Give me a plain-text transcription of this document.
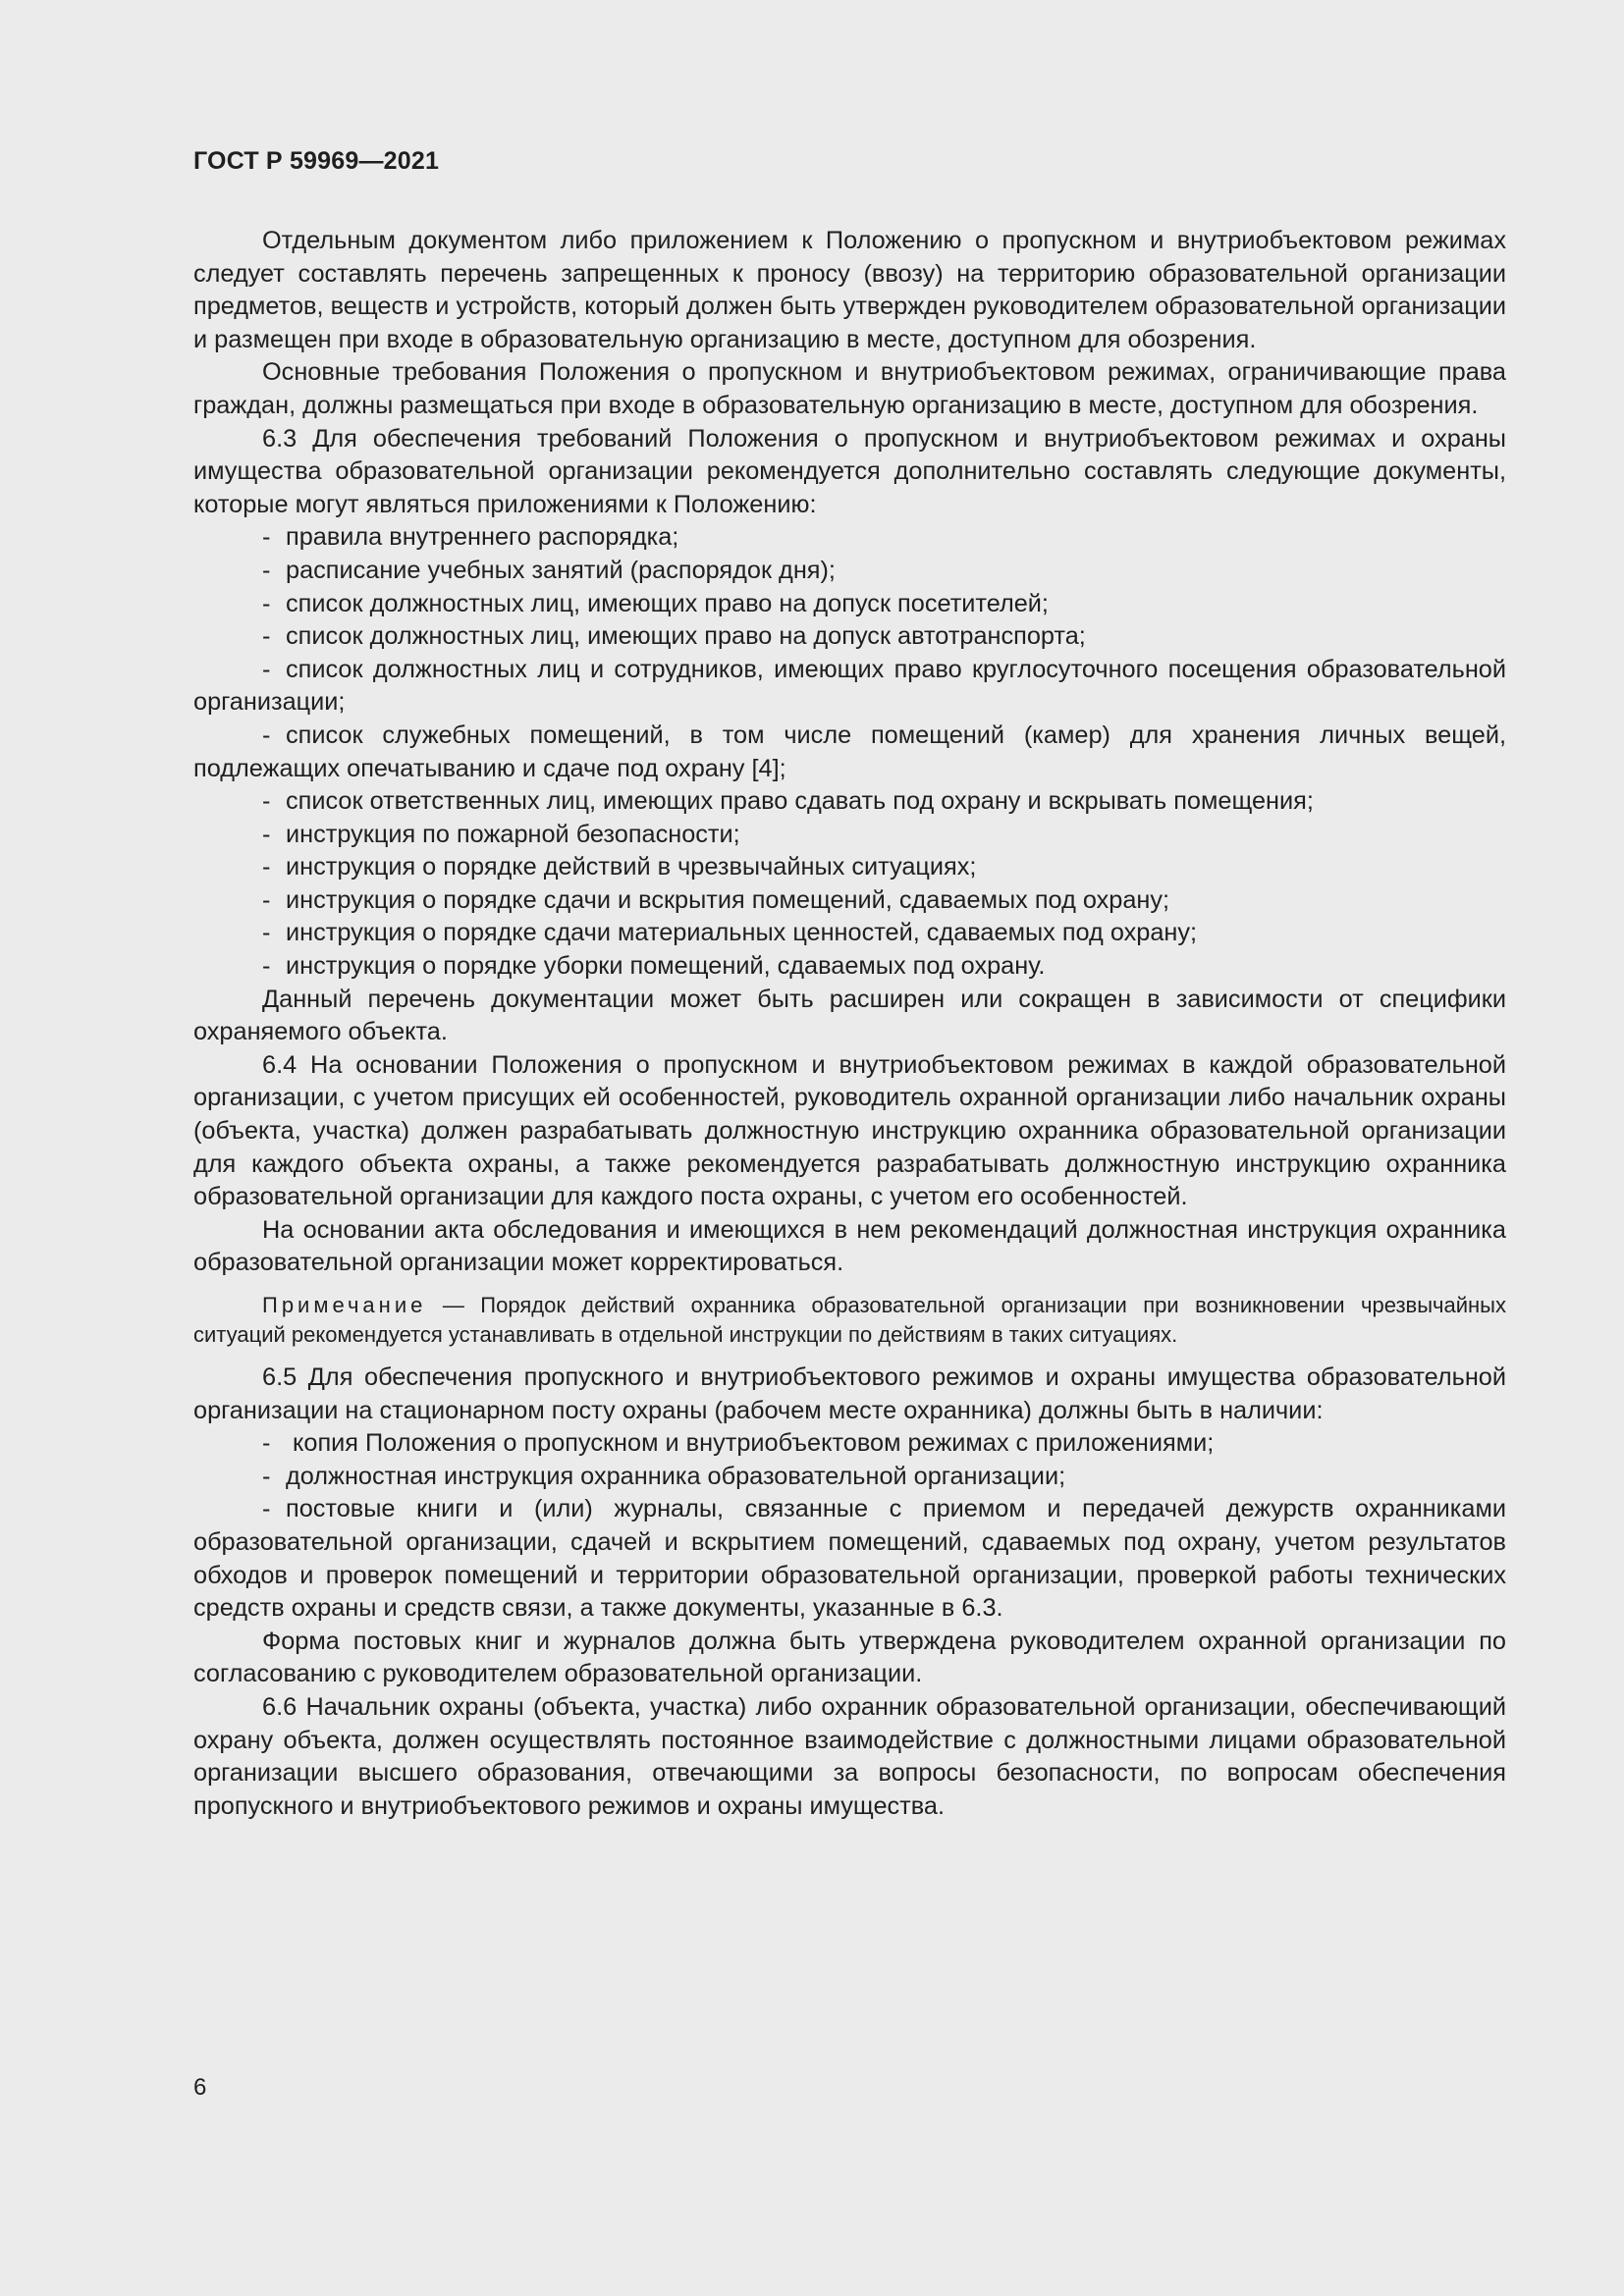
ГОСТ Р 59969—2021

Отдельным документом либо приложением к Положению о пропускном и внутриобъектовом режимах следует составлять перечень запрещенных к проносу (ввозу) на территорию образовательной организации предметов, веществ и устройств, который должен быть утвержден руководителем образовательной организации и размещен при входе в образовательную организацию в месте, доступном для обозрения.

Основные требования Положения о пропускном и внутриобъектовом режимах, ограничивающие права граждан, должны размещаться при входе в образовательную организацию в месте, доступном для обозрения.

6.3 Для обеспечения требований Положения о пропускном и внутриобъектовом режимах и охраны имущества образовательной организации рекомендуется дополнительно составлять следующие документы, которые могут являться приложениями к Положению:

- правила внутреннего распорядка;

- расписание учебных занятий (распорядок дня);

- список должностных лиц, имеющих право на допуск посетителей;

- список должностных лиц, имеющих право на допуск автотранспорта;

- список должностных лиц и сотрудников, имеющих право круглосуточного посещения образовательной организации;

- список служебных помещений, в том числе помещений (камер) для хранения личных вещей, подлежащих опечатыванию и сдаче под охрану [4];

- список ответственных лиц, имеющих право сдавать под охрану и вскрывать помещения;

- инструкция по пожарной безопасности;

- инструкция о порядке действий в чрезвычайных ситуациях;

- инструкция о порядке сдачи и вскрытия помещений, сдаваемых под охрану;

- инструкция о порядке сдачи материальных ценностей, сдаваемых под охрану;

- инструкция о порядке уборки помещений, сдаваемых под охрану.

Данный перечень документации может быть расширен или сокращен в зависимости от специфики охраняемого объекта.

6.4 На основании Положения о пропускном и внутриобъектовом режимах в каждой образовательной организации, с учетом присущих ей особенностей, руководитель охранной организации либо начальник охраны (объекта, участка) должен разрабатывать должностную инструкцию охранника образовательной организации для каждого объекта охраны, а также рекомендуется разрабатывать должностную инструкцию охранника образовательной организации для каждого поста охраны, с учетом его особенностей.

На основании акта обследования и имеющихся в нем рекомендаций должностная инструкция охранника образовательной организации может корректироваться.

Примечание — Порядок действий охранника образовательной организации при возникновении чрезвычайных ситуаций рекомендуется устанавливать в отдельной инструкции по действиям в таких ситуациях.

6.5 Для обеспечения пропускного и внутриобъектового режимов и охраны имущества образовательной организации на стационарном посту охраны (рабочем месте охранника) должны быть в наличии:

- копия Положения о пропускном и внутриобъектовом режимах с приложениями;

- должностная инструкция охранника образовательной организации;

- постовые книги и (или) журналы, связанные с приемом и передачей дежурств охранниками образовательной организации, сдачей и вскрытием помещений, сдаваемых под охрану, учетом результатов обходов и проверок помещений и территории образовательной организации, проверкой работы технических средств охраны и средств связи, а также документы, указанные в 6.3.

Форма постовых книг и журналов должна быть утверждена руководителем охранной организации по согласованию с руководителем образовательной организации.

6.6 Начальник охраны (объекта, участка) либо охранник образовательной организации, обеспечивающий охрану объекта, должен осуществлять постоянное взаимодействие с должностными лицами образовательной организации высшего образования, отвечающими за вопросы безопасности, по вопросам обеспечения пропускного и внутриобъектового режимов и охраны имущества.

6
